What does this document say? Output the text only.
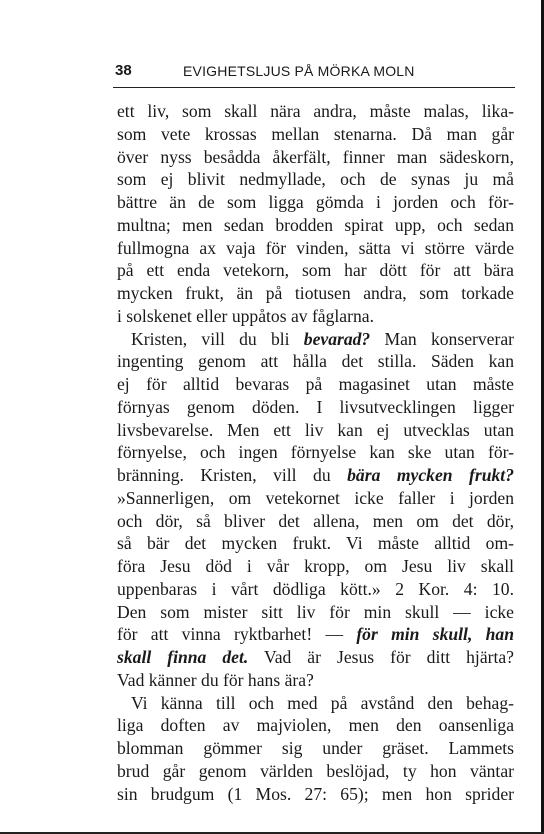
38	EVIGHETSLJUS PÅ MÖRKA MOLN
ett liv, som skall nära andra, måste malas, lika-
som vete krossas mellan stenarna. Då man går
över nyss besådda åkerfält, finner man sädeskorn,
som ej blivit nedmyllade, och de synas ju må
bättre än de som ligga gömda i jorden och för-
multna; men sedan brodden spirat upp, och sedan
fullmogna ax vaja för vinden, sätta vi större värde
på ett enda vetekorn, som har dött för att bära
mycken frukt, än på tiotusen andra, som torkade
i solskenet eller uppåtos av fåglarna.
Kristen, vill du bli bevarad? Man konserverar
ingenting genom att hålla det stilla. Säden kan
ej för alltid bevaras på magasinet utan måste
förnyas genom döden. I livsutvecklingen ligger
livsbevarelse. Men ett liv kan ej utvecklas utan
förnyelse, och ingen förnyelse kan ske utan för-
bränning. Kristen, vill du bära mycken frukt?
»Sannerligen, om vetekornet icke faller i jorden
och dör, så bliver det allena, men om det dör,
så bär det mycken frukt. Vi måste alltid om-
föra Jesu död i vår kropp, om Jesu liv skall
uppenbaras i vårt dödliga kött.» 2 Kor. 4: 10.
Den som mister sitt liv för min skull — icke
för att vinna ryktbarhet! — för min skull, han
skall finna det. Vad är Jesus för ditt hjärta?
Vad känner du för hans ära?
Vi känna till och med på avstånd den behag-
liga doften av majviolen, men den oansenliga
blomman gömmer sig under gräset. Lammets
brud går genom världen beslöjad, ty hon väntar
sin brudgum (1 Mos. 27: 65); men hon sprider
